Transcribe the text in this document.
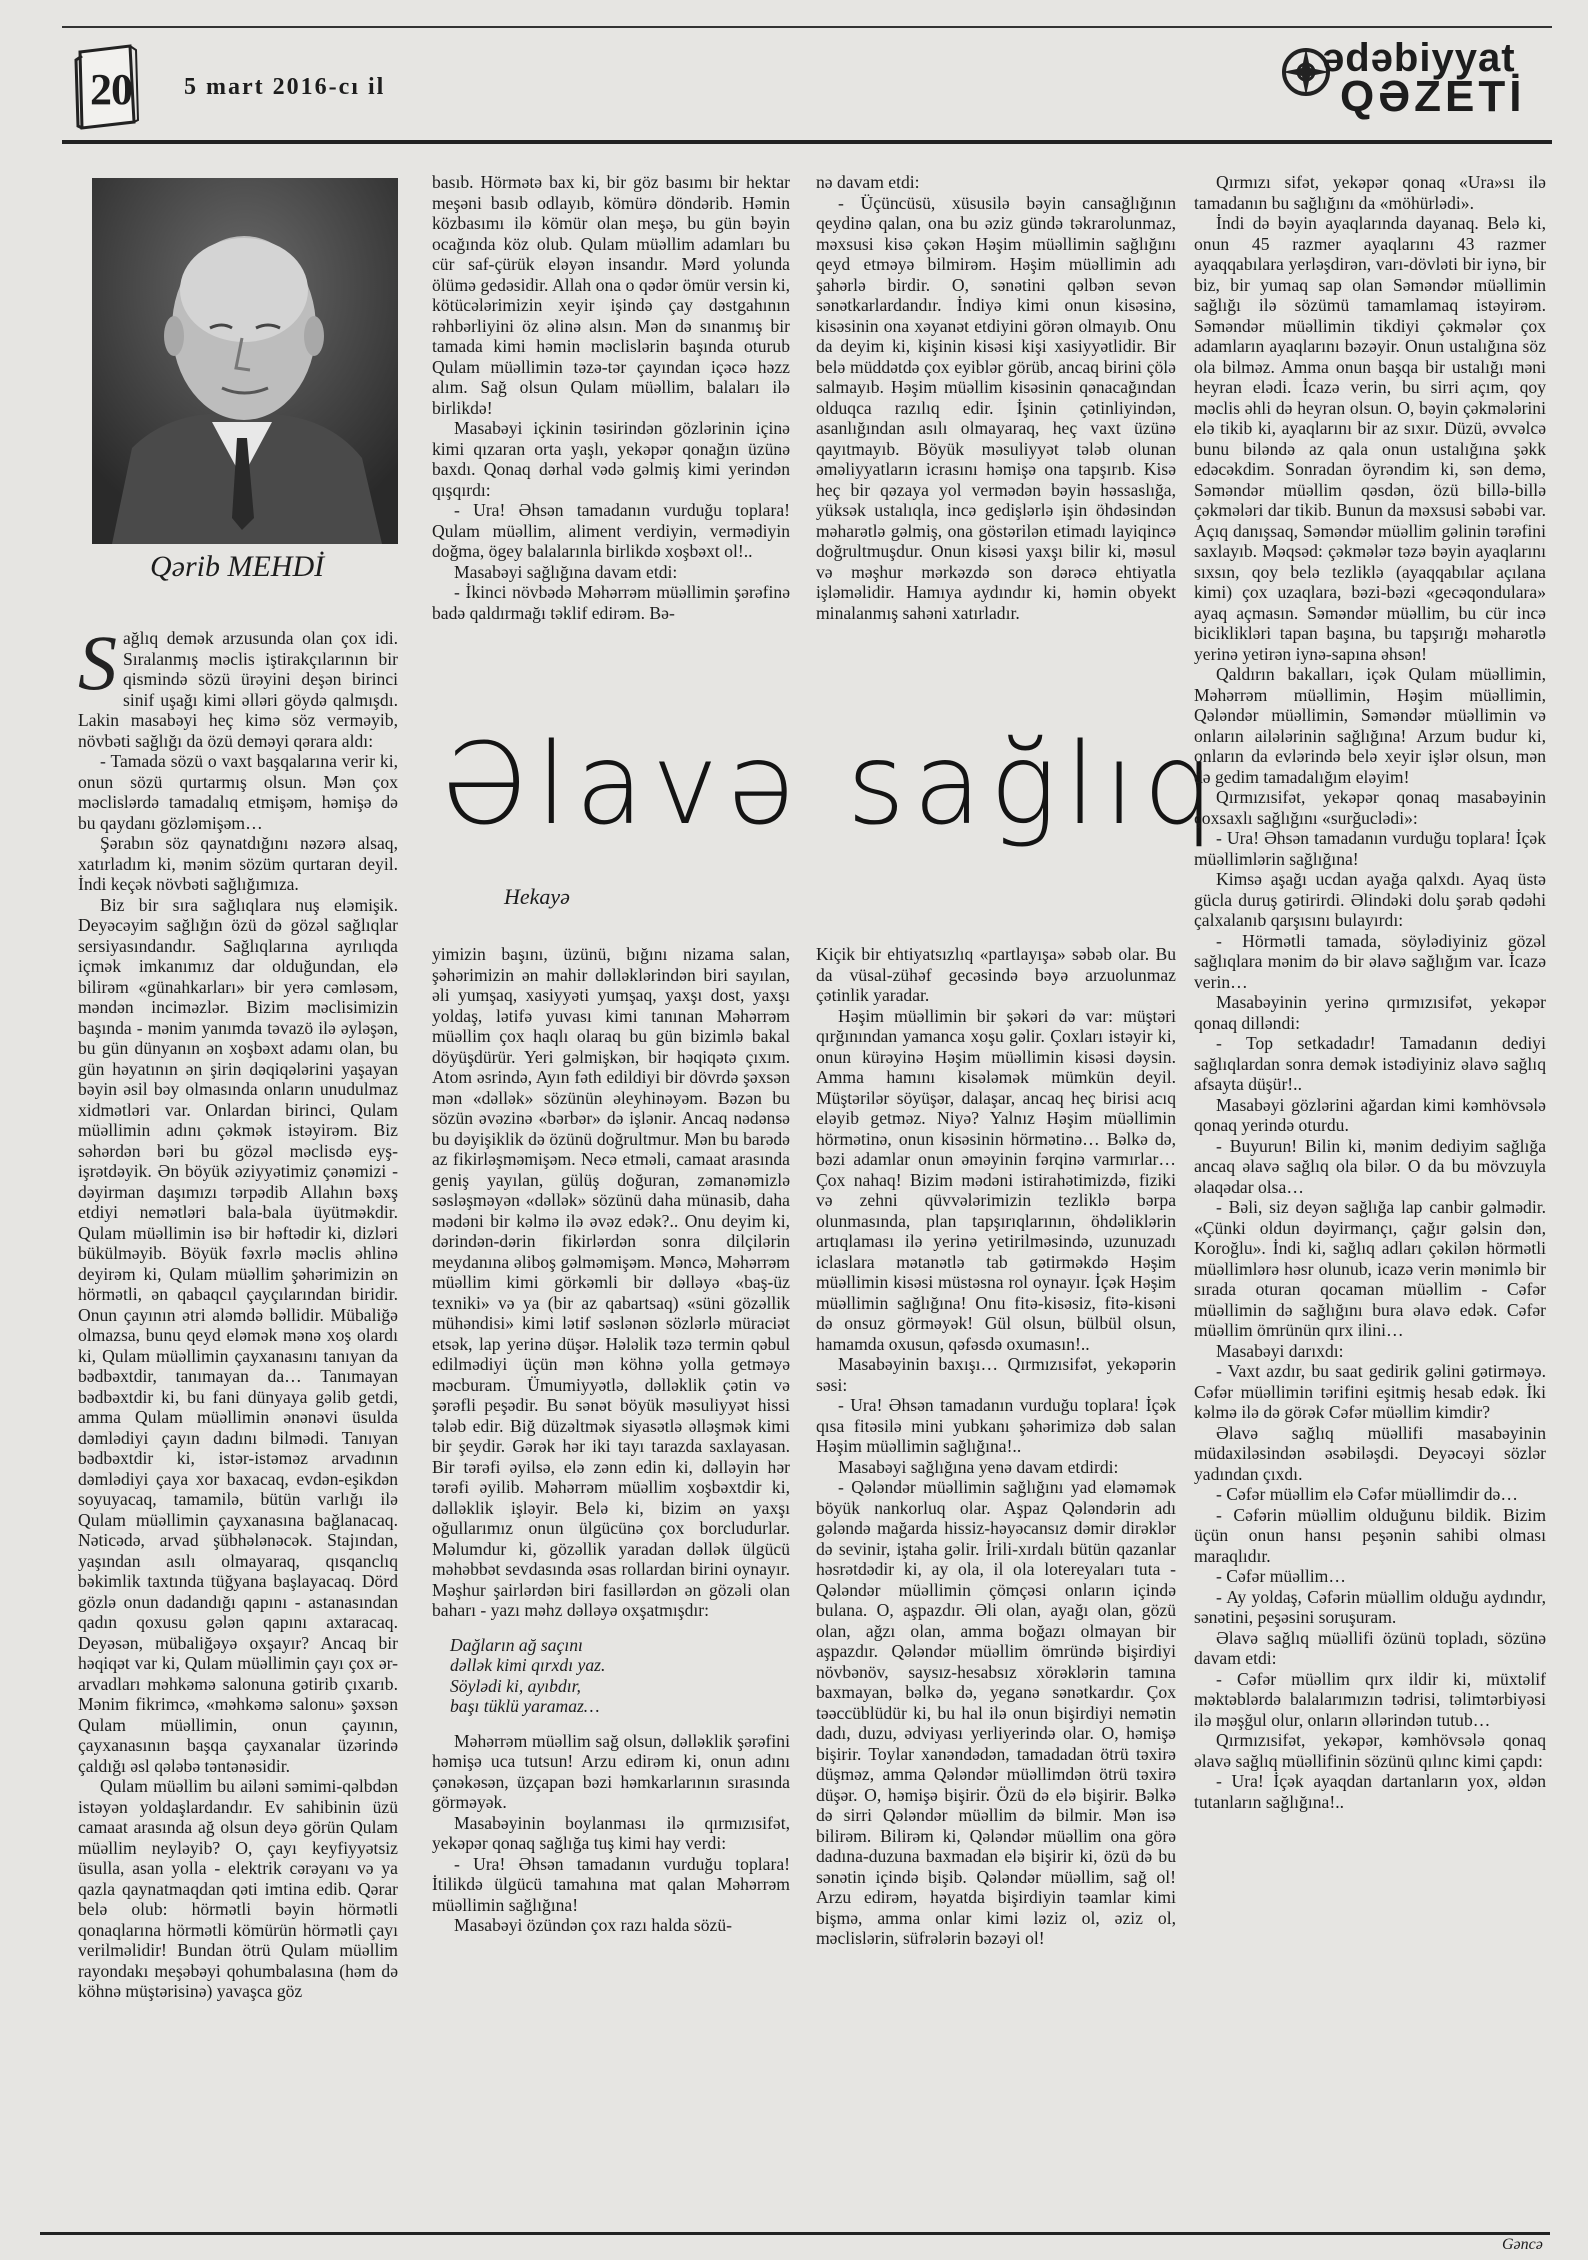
20 5 mart 2016-cı il
ədəbiyyat
QƏZETİ
Qərib MEHDİ

Sağlıq demək arzusunda olan çox idi. Sıralanmış məclis iştirakçılarının bir qismində sözü ürəyini deşən birinci sinif uşağı kimi əlləri göydə qalmışdı. Lakin masabəyi heç kimə söz verməyib, növbəti sağlığı da özü deməyi qərara aldı:

- Tamada sözü o vaxt başqalarına verir ki, onun sözü qurtarmış olsun. Mən çox məclislərdə tamadalıq etmişəm, həmişə də bu qaydanı gözləmişəm…

Şərabın söz qaynatdığını nəzərə alsaq, xatırladım ki, mənim sözüm qurtaran deyil. İndi keçək növbəti sağlığımıza.

Biz bir sıra sağlıqlara nuş eləmişik. Deyəcəyim sağlığın özü də gözəl sağlıqlar sersiyasındandır. Sağlıqlarına ayrılıqda içmək imkanımız dar olduğundan, elə bilirəm «günahkarları» bir yerə cəmləsəm, məndən inciməzlər. Bizim məclisimizin başında - mənim yanımda təvazö ilə əyləşən, bu gün dünyanın ən xoşbəxt adamı olan, bu gün həyatının ən şirin dəqiqələrini yaşayan bəyin əsil bəy olmasında onların unudulmaz xidmətləri var. Onlardan birinci, Qulam müəllimin adını çəkmək istəyirəm. Biz səhərdən bəri bu gözəl məclisdə eyş-işrətdəyik. Ən böyük əziyyətimiz çənəmizi - dəyirman daşımızı tərpədib Allahın bəxş etdiyi nemətləri bala-bala üyütməkdir. Qulam müəllimin isə bir həftədir ki, dizləri bükülməyib. Böyük fəxrlə məclis əhlinə deyirəm ki, Qulam müəllim şəhərimizin ən hörmətli, ən qabaqcıl çayçılarından biridir. Onun çayının ətri aləmdə bəllidir. Mübaliğə olmazsa, bunu qeyd eləmək mənə xoş olardı ki, Qulam müəllimin çayxanasını tanıyan da bədbəxtdir, tanımayan da… Tanımayan bədbəxtdir ki, bu fani dünyaya gəlib getdi, amma Qulam müəllimin ənənəvi üsulda dəmlədiyi çayın dadını bilmədi. Tanıyan bədbəxtdir ki, istər-istəməz arvadının dəmlədiyi çaya xor baxacaq, evdən-eşikdən soyuyacaq, tamamilə, bütün varlığı ilə Qulam müəllimin çayxanasına bağlanacaq. Nəticədə, arvad şübhələnəcək. Stajından, yaşından asılı olmayaraq, qısqanclıq bəkimlik taxtında tüğyana başlayacaq. Dörd gözlə onun dadandığı qapını - astanasından qadın qoxusu gələn qapını axtaracaq. Deyəsən, mübaliğəyə oxşayır? Ancaq bir həqiqət var ki, Qulam müəllimin çayı çox ər-arvadları məhkəmə salonuna gətirib çıxarıb. Mənim fikrimcə, «məhkəmə salonu» şəxsən Qulam müəllimin, onun çayının, çayxanasının başqa çayxanalar üzərində çaldığı əsl qələbə təntənəsidir.

Qulam müəllim bu ailəni səmimi-qəlbdən istəyən yoldaşlardandır. Ev sahibinin üzü camaat arasında ağ olsun deyə görün Qulam müəllim neyləyib? O, çayı keyfiyyətsiz üsulla, asan yolla - elektrik cərəyanı və ya qazla qaynatmaqdan qəti imtina edib. Qərar belə olub: hörmətli bəyin hörmətli qonaqlarına hörmətli kömürün hörmətli çayı verilməlidir! Bundan ötrü Qulam müəllim rayondakı meşəbəyi qohumbalasına (həm də köhnə müştərisinə) yavaşca göz

basıb. Hörmətə bax ki, bir göz basımı bir hektar meşəni basıb odlayıb, kömürə döndərib. Həmin közbasımı ilə kömür olan meşə, bu gün bəyin ocağında köz olub. Qulam müəllim adamları bu cür saf-çürük eləyən insandır. Mərd yolunda ölümə gedəsidir. Allah ona o qədər ömür versin ki, kötücələrimizin xeyir işində çay dəstgahının rəhbərliyini öz əlinə alsın. Mən də sınanmış bir tamada kimi həmin məclislərin başında oturub Qulam müəllimin təzə-tər çayından içəcə həzz alım. Sağ olsun Qulam müəllim, balaları ilə birlikdə!

Masabəyi içkinin təsirindən gözlərinin içinə kimi qızaran orta yaşlı, yekəpər qonağın üzünə baxdı. Qonaq dərhal vədə gəlmiş kimi yerindən qışqırdı:

- Ura! Əhsən tamadanın vurduğu toplara! Qulam müəllim, aliment verdiyin, vermədiyin doğma, ögey balalarınla birlikdə xoşbəxt ol!..

Masabəyi sağlığına davam etdi:

- İkinci növbədə Məhərrəm müəllimin şərəfinə badə qaldırmağı təklif edirəm. Bə-

nə davam etdi:

- Üçüncüsü, xüsusilə bəyin cansağlığının qeydinə qalan, ona bu əziz gündə təkrarolunmaz, məxsusi kisə çəkən Həşim müəllimin sağlığını qeyd etməyə bilmirəm. Həşim müəllimin adı şahərlə birdir. O, sənətini qəlbən sevən sənətkarlardandır. İndiyə kimi onun kisəsinə, kisəsinin ona xəyanət etdiyini görən olmayıb. Onu da deyim ki, kişinin kisəsi kişi xasiyyətlidir. Bir belə müddətdə çox eyiblər görüb, ancaq birini çölə salmayıb. Həşim müəllim kisəsinin qənacağından olduqca razılıq edir. İşinin çətinliyindən, asanlığından asılı olmayaraq, heç vaxt üzünə qayıtmayıb. Böyük məsuliyyət tələb olunan əməliyyatların icrasını həmişə ona tapşırıb. Kisə heç bir qəzaya yol vermədən bəyin həssaslığa, yüksək ustalıqla, incə gedişlərlə işin öhdəsindən məharətlə gəlmiş, ona göstərilən etimadı layiqincə doğrultmuşdur. Onun kisəsi yaxşı bilir ki, məsul və məşhur mərkəzdə son dərəcə ehtiyatla işləməlidir. Hamıya aydındır ki, həmin obyekt minalanmış sahəni xatırladır.

Əlavə sağlıq
Hekayə

yimizin başını, üzünü, bığını nizama salan, şəhərimizin ən mahir dəlləklərindən biri sayılan, əli yumşaq, xasiyyəti yumşaq, yaxşı dost, yaxşı yoldaş, lətifə yuvası kimi tanınan Məhərrəm müəllim çox haqlı olaraq bu gün bizimlə bakal döyüşdürür. Yeri gəlmişkən, bir həqiqətə çıxım. Atom əsrində, Ayın fəth edildiyi bir dövrdə şəxsən mən «dəllək» sözünün əleyhinəyəm. Bəzən bu sözün əvəzinə «bərbər» də işlənir. Ancaq nədənsə bu dəyişiklik də özünü doğrultmur. Mən bu barədə az fikirləşməmişəm. Necə etməli, camaat arasında geniş yayılan, gülüş doğuran, zəmanəmizlə səsləşməyən «dəllək» sözünü daha münasib, daha mədəni bir kəlmə ilə əvəz edək?.. Onu deyim ki, dərindən-dərin fikirlərdən sonra dilçilərin meydanına əliboş gəlməmişəm. Məncə, Məhərrəm müəllim kimi görkəmli bir dəlləyə «baş-üz texniki» və ya (bir az qabartsaq) «süni gözəllik mühəndisi» kimi lətif səslənən sözlərlə müraciət etsək, lap yerinə düşər. Hələlik təzə termin qəbul edilmədiyi üçün mən köhnə yolla getməyə məcburam. Ümumiyyətlə, dəlləklik çətin və şərəfli peşədir. Bu sənət böyük məsuliyyət hissi tələb edir. Biğ düzəltmək siyasətlə əlləşmək kimi bir şeydir. Gərək hər iki tayı tarazda saxlayasan. Bir tərəfi əyilsə, elə zənn edin ki, dəlləyin hər tərəfi əyilib. Məhərrəm müəllim xoşbəxtdir ki, dəlləklik işləyir. Belə ki, bizim ən yaxşı oğullarımız onun ülgücünə çox borcludurlar. Məlumdur ki, gözəllik yaradan dəllək ülgücü məhəbbət sevdasında əsas rollardan birini oynayır. Məşhur şairlərdən biri fasillərdən ən gözəli olan baharı - yazı məhz dəlləyə oxşatmışdır:

Dağların ağ saçını
dəllək kimi qırxdı yaz.
Söylədi ki, ayıbdır,
başı tüklü yaramaz…

Məhərrəm müəllim sağ olsun, dəlləklik şərəfini həmişə uca tutsun! Arzu edirəm ki, onun adını çənəkəsən, üzçapan bəzi həmkarlarının sırasında görməyək.

Masabəyinin boylanması ilə qırmızısifət, yekəpər qonaq sağlığa tuş kimi hay verdi:

- Ura! Əhsən tamadanın vurduğu toplara! İtilikdə ülgücü tamahına mat qalan Məhərrəm müəllimin sağlığına!

Masabəyi özündən çox razı halda sözü-

Kiçik bir ehtiyatsızlıq «partlayışa» səbəb olar. Bu da vüsal-zühəf gecəsində bəyə arzuolunmaz çətinlik yaradar.

Həşim müəllimin bir şəkəri də var: müştəri qırğınından yamanca xoşu gəlir. Çoxları istəyir ki, onun kürəyinə Həşim müəllimin kisəsi dəysin. Amma hamını kisələmək mümkün deyil. Müştərilər söyüşər, dalaşar, ancaq heç birisi acıq eləyib getməz. Niyə? Yalnız Həşim müəllimin hörmətinə, onun kisəsinin hörmətinə… Bəlkə də, bəzi adamlar onun əməyinin fərqinə varmırlar… Çox nahaq! Bizim mədəni istirahətimizdə, fiziki və zehni qüvvələrimizin tezliklə bərpa olunmasında, plan tapşırıqlarının, öhdəliklərin artıqlaması ilə yerinə yetirilməsində, uzunuzadı iclaslara mətanətlə tab gətirməkdə Həşim müəllimin kisəsi müstəsna rol oynayır. İçək Həşim müəllimin sağlığına! Onu fitə-kisəsiz, fitə-kisəni də onsuz görməyək! Gül olsun, bülbül olsun, hamamda oxusun, qəfəsdə oxumasın!..

Masabəyinin baxışı… Qırmızısifət, yekəpərin səsi:

- Ura! Əhsən tamadanın vurduğu toplara! İçək qısa fitəsilə mini yubkanı şəhərimizə dəb salan Həşim müəllimin sağlığına!..

Masabəyi sağlığına yenə davam etdirdi:

- Qələndər müəllimin sağlığını yad eləməmək böyük nankorluq olar. Aşpaz Qələndərin adı gələndə mağarda hissiz-həyəcansız dəmir dirəklər də sevinir, iştaha gəlir. İrili-xırdalı bütün qazanlar həsrətdədir ki, ay ola, il ola lotereyaları tuta - Qələndər müəllimin çömçəsi onların içində bulana. O, aşpazdır. Əli olan, ayağı olan, gözü olan, ağzı olan, amma boğazı olmayan bir aşpazdır. Qələndər müəllim ömründə bişirdiyi növbənöv, saysız-hesabsız xörəklərin tamına baxmayan, bəlkə də, yeganə sənətkardır. Çox təəccüblüdür ki, bu hal ilə onun bişirdiyi nemətin dadı, duzu, ədviyası yerliyerində olar. O, həmişə bişirir. Toylar xanəndədən, tamadadan ötrü təxirə düşməz, amma Qələndər müəllimdən ötrü təxirə düşər. O, həmişə bişirir. Özü də elə bişirir. Bəlkə də sirri Qələndər müəllim də bilmir. Mən isə bilirəm. Bilirəm ki, Qələndər müəllim ona görə dadına-duzuna baxmadan elə bişirir ki, özü də bu sənətin içində bişib. Qələndər müəllim, sağ ol! Arzu edirəm, həyatda bişirdiyin təamlar kimi bişmə, amma onlar kimi ləziz ol, əziz ol, məclislərin, süfrələrin bəzəyi ol!

Qırmızı sifət, yekəpər qonaq «Ura»sı ilə tamadanın bu sağlığını da «möhürlədi».

İndi də bəyin ayaqlarında dayanaq. Belə ki, onun 45 razmer ayaqlarını 43 razmer ayaqqabılara yerləşdirən, varı-dövləti bir iynə, bir biz, bir yumaq sap olan Səməndər müəllimin sağlığı ilə sözümü tamamlamaq istəyirəm. Səməndər müəllimin tikdiyi çəkmələr çox adamların ayaqlarını bəzəyir. Onun ustalığına söz ola bilməz. Amma onun başqa bir ustalığı məni heyran elədi. İcazə verin, bu sirri açım, qoy məclis əhli də heyran olsun. O, bəyin çəkmələrini elə tikib ki, ayaqlarını bir az sıxır. Düzü, əvvəlcə bunu biləndə az qala onun ustalığına şəkk edəcəkdim. Sonradan öyrəndim ki, sən demə, Səməndər müəllim qəsdən, özü billə-billə çəkmələri dar tikib. Bunun da məxsusi səbəbi var. Açıq danışsaq, Səməndər müəllim gəlinin tərəfini saxlayıb. Məqsəd: çəkmələr təzə bəyin ayaqlarını sıxsın, qoy belə tezliklə (ayaqqabılar açılana kimi) çox uzaqlara, bəzi-bəzi «gecəqondulara» ayaq açmasın. Səməndər müəllim, bu cür incə biciklikləri tapan başına, bu tapşırığı məharətlə yerinə yetirən iynə-sapına əhsən!

Qaldırın bakalları, içək Qulam müəllimin, Məhərrəm müəllimin, Həşim müəllimin, Qələndər müəllimin, Səməndər müəllimin və onların ailələrinin sağlığına! Arzum budur ki, onların da evlərində belə xeyir işlər olsun, mən də gedim tamadalığım eləyim!

Qırmızısifət, yekəpər qonaq masabəyinin çoxsaxlı sağlığını «surğuclədi»:

- Ura! Əhsən tamadanın vurduğu toplara! İçək müəllimlərin sağlığına!

Kimsə aşağı ucdan ayağa qalxdı. Ayaq üstə gücla duruş gətirirdi. Əlindəki dolu şərab qədəhi çalxalanıb qarşısını bulayırdı:

- Hörmətli tamada, söylədiyiniz gözəl sağlıqlara mənim də bir əlavə sağlığım var. İcazə verin…

Masabəyinin yerinə qırmızısifət, yekəpər qonaq dilləndi:

- Top setkadadır! Tamadanın dediyi sağlıqlardan sonra demək istədiyiniz əlavə sağlıq afsayta düşür!..

Masabəyi gözlərini ağardan kimi kəmhövsələ qonaq yerində oturdu.

- Buyurun! Bilin ki, mənim dediyim sağlığa ancaq əlavə sağlıq ola bilər. O da bu mövzuyla əlaqədar olsa…

- Bəli, siz deyən sağlığa lap canbir gəlmədir. «Çünki oldun dəyirmançı, çağır gəlsin dən, Koroğlu». İndi ki, sağlıq adları çəkilən hörmətli müəllimlərə həsr olunub, icazə verin mənimlə bir sırada oturan qocaman müəllim - Cəfər müəllimin də sağlığını bura əlavə edək. Cəfər müəllim ömrünün qırx ilini…

Masabəyi darıxdı:

- Vaxt azdır, bu saat gedirik gəlini gətirməyə. Cəfər müəllimin tərifini eşitmiş hesab edək. İki kəlmə ilə də görək Cəfər müəllim kimdir?

Əlavə sağlıq müəllifi masabəyinin müdaxiləsindən əsəbiləşdi. Deyəcəyi sözlər yadından çıxdı.

- Cəfər müəllim elə Cəfər müəllimdir də…

- Cəfərin müəllim olduğunu bildik. Bizim üçün onun hansı peşənin sahibi olması maraqlıdır.

- Cəfər müəllim…

- Ay yoldaş, Cəfərin müəllim olduğu aydındır, sənətini, peşəsini soruşuram.

Əlavə sağlıq müəllifi özünü topladı, sözünə davam etdi:

- Cəfər müəllim qırx ildir ki, müxtəlif məktəblərdə balalarımızın tədrisi, təlimtərbiyəsi ilə məşğul olur, onların əllərindən tutub…

Qırmızısifət, yekəpər, kəmhövsələ qonaq əlavə sağlıq müəllifinin sözünü qılınc kimi çapdı:

- Ura! İçək ayaqdan dartanların yox, əldən tutanların sağlığına!..

Gəncə
